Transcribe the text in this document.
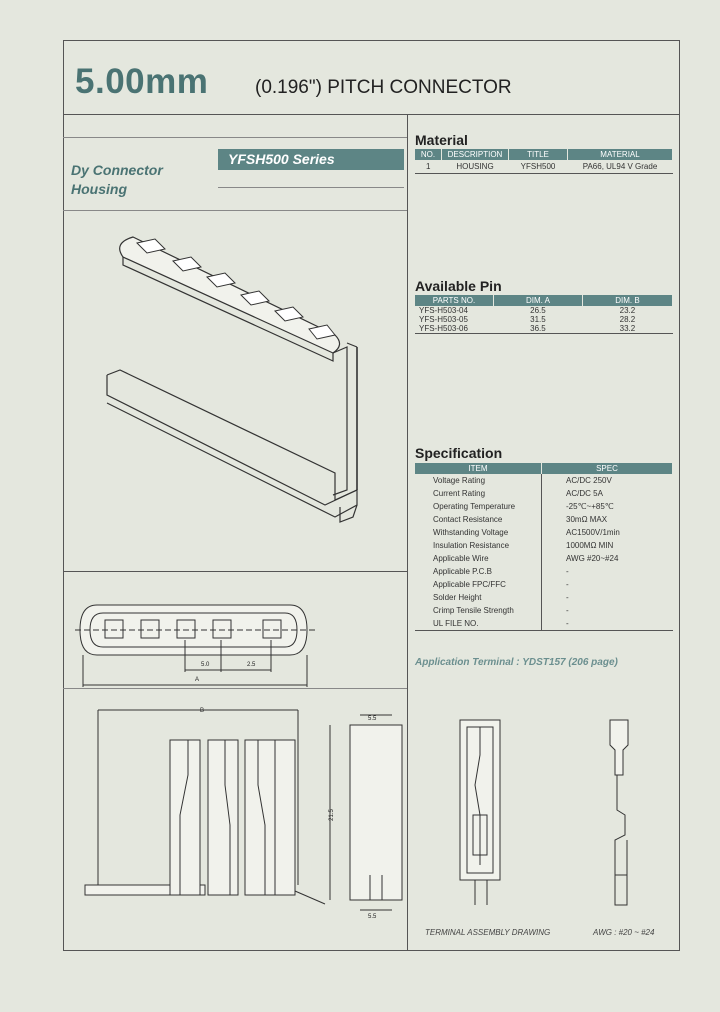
5.00mm (0.196") PITCH CONNECTOR
Dy Connector
Housing
YFSH500 Series
Material
NO.	DESCRIPTION	TITLE	MATERIAL
1	HOUSING	YFSH500	PA66, UL94 V Grade
Available Pin
PARTS NO.	DIM. A	DIM. B
YFS-H503-04	26.5	23.2
YFS-H503-05	31.5	28.2
YFS-H503-06	36.5	33.2
Specification
ITEM	SPEC
Voltage Rating	AC/DC 250V
Current Rating	AC/DC 5A
Operating Temperature	-25℃~+85℃
Contact Resistance	30mΩ MAX
Withstanding Voltage	AC1500V/1min
Insulation Resistance	1000MΩ MIN
Applicable Wire	AWG #20~#24
Applicable P.C.B	-
Applicable FPC/FFC	-
Solder Height	-
Crimp Tensile Strength	-
UL FILE NO.	-
Application Terminal : YDST157 (206 page)
5.0	2.5
A
B
21.5
5.5
5.5
TERMINAL ASSEMBLY DRAWING	AWG : #20 ~ #24
